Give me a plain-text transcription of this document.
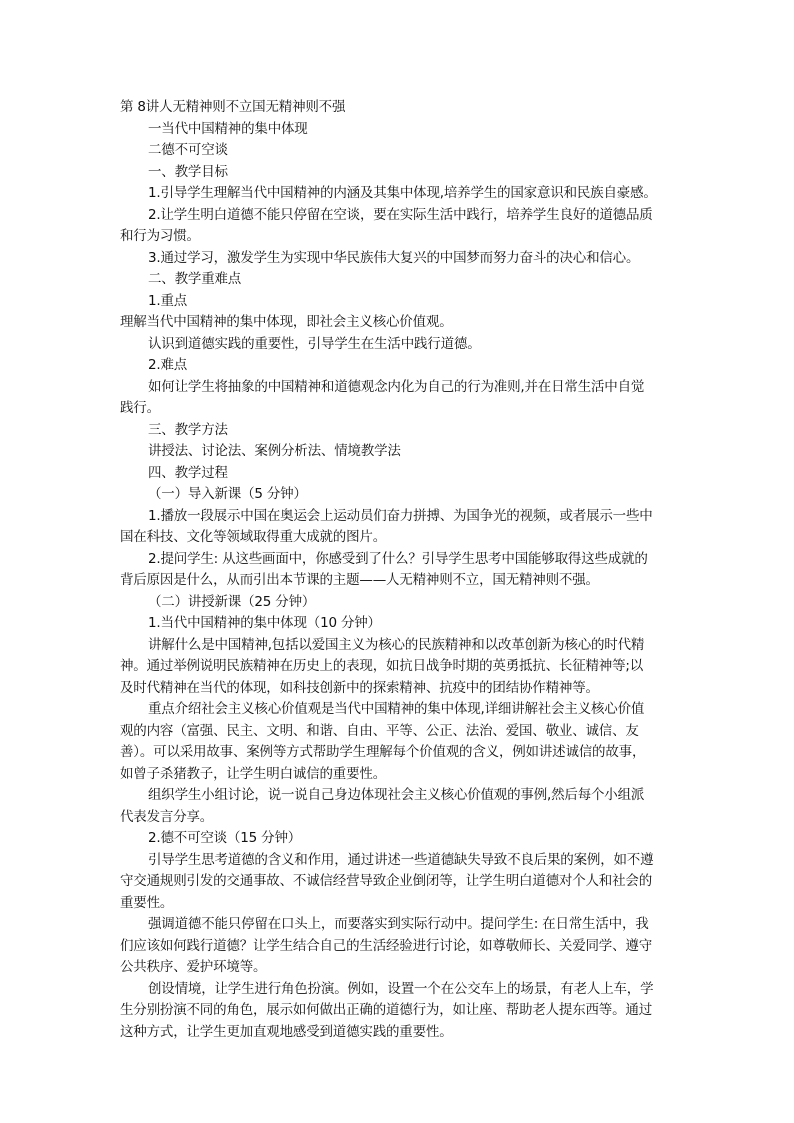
第 8讲人无精神则不立国无精神则不强
一当代中国精神的集中体现
二德不可空谈
一、教学目标
1.引导学生理解当代中国精神的内涵及其集中体现,培养学生的国家意识和民族自豪感。
2.让学生明白道德不能只停留在空谈，要在实际生活中践行，培养学生良好的道德品质
和行为习惯。
3.通过学习，激发学生为实现中华民族伟大复兴的中国梦而努力奋斗的决心和信心。
二、教学重难点
1.重点
理解当代中国精神的集中体现，即社会主义核心价值观。
认识到道德实践的重要性，引导学生在生活中践行道德。
2.难点
如何让学生将抽象的中国精神和道德观念内化为自己的行为准则,并在日常生活中自觉
践行。
三、教学方法
讲授法、讨论法、案例分析法、情境教学法
四、教学过程
（一）导入新课（5 分钟）
1.播放一段展示中国在奥运会上运动员们奋力拼搏、为国争光的视频，或者展示一些中
国在科技、文化等领域取得重大成就的图片。
2.提问学生: 从这些画面中，你感受到了什么？引导学生思考中国能够取得这些成就的
背后原因是什么，从而引出本节课的主题——人无精神则不立，国无精神则不强。
（二）讲授新课（25 分钟）
1.当代中国精神的集中体现（10 分钟）
讲解什么是中国精神,包括以爱国主义为核心的民族精神和以改革创新为核心的时代精
神。通过举例说明民族精神在历史上的表现，如抗日战争时期的英勇抵抗、长征精神等;以
及时代精神在当代的体现，如科技创新中的探索精神、抗疫中的团结协作精神等。
重点介绍社会主义核心价值观是当代中国精神的集中体现,详细讲解社会主义核心价值
观的内容（富强、民主、文明、和谐、自由、平等、公正、法治、爱国、敬业、诚信、友
善）。可以采用故事、案例等方式帮助学生理解每个价值观的含义，例如讲述诚信的故事，
如曾子杀猪教子，让学生明白诚信的重要性。
组织学生小组讨论，说一说自己身边体现社会主义核心价值观的事例,然后每个小组派
代表发言分享。
2.德不可空谈（15 分钟）
引导学生思考道德的含义和作用，通过讲述一些道德缺失导致不良后果的案例，如不遵
守交通规则引发的交通事故、不诚信经营导致企业倒闭等，让学生明白道德对个人和社会的
重要性。
强调道德不能只停留在口头上，而要落实到实际行动中。提问学生: 在日常生活中，我
们应该如何践行道德？让学生结合自己的生活经验进行讨论，如尊敬师长、关爱同学、遵守
公共秩序、爱护环境等。
创设情境，让学生进行角色扮演。例如，设置一个在公交车上的场景，有老人上车，学
生分别扮演不同的角色，展示如何做出正确的道德行为，如让座、帮助老人提东西等。通过
这种方式，让学生更加直观地感受到道德实践的重要性。
